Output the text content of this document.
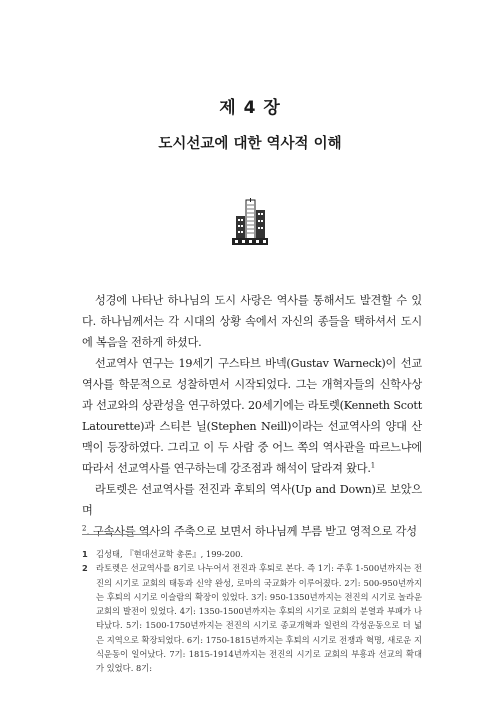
제 4 장
도시선교에 대한 역사적 이해

성경에 나타난 하나님의 도시 사랑은 역사를 통해서도 발견할 수 있다. 하나님께서는 각 시대의 상황 속에서 자신의 종들을 택하셔서 도시에 복음을 전하게 하셨다.

선교역사 연구는 19세기 구스타브 바넥(Gustav Warneck)이 선교역사를 학문적으로 성찰하면서 시작되었다. 그는 개혁자들의 신학사상과 선교와의 상관성을 연구하였다. 20세기에는 라토렛(Kenneth Scott Latourette)과 스티븐 닐(Stephen Neill)이라는 선교역사의 양대 산맥이 등장하였다. 그리고 이 두 사람 중 어느 쪽의 역사관을 따르느냐에 따라서 선교역사를 연구하는데 강조점과 해석이 달라져 왔다.$^1$

라토렛은 선교역사를 전진과 후퇴의 역사(Up and Down)로 보았으며
$^2$. 구속사를 역사의 주축으로 보면서 하나님께 부름 받고 영적으로 각성

1 김성태, 『현대선교학 총론』, 199-200.
2 라토렛은 선교역사를 8기로 나누어서 전진과 후퇴로 본다. 즉 1기: 주후 1-500년까지는 전진의 시기로 교회의 태동과 신약 완성, 로마의 국교화가 이루어졌다. 2기: 500-950년까지는 후퇴의 시기로 이슬람의 확장이 있었다. 3기: 950-1350년까지는 전진의 시기로 놀라운 교회의 발전이 있었다. 4기: 1350-1500년까지는 후퇴의 시기로 교회의 분열과 부패가 나타났다. 5기: 1500-1750년까지는 전진의 시기로 종교개혁과 일련의 각성운동으로 더 넓은 지역으로 확장되었다. 6기: 1750-1815년까지는 후퇴의 시기로 전쟁과 혁명, 새로운 지식운동이 일어났다. 7기: 1815-1914년까지는 전진의 시기로 교회의 부흥과 선교의 확대가 있었다. 8기:
